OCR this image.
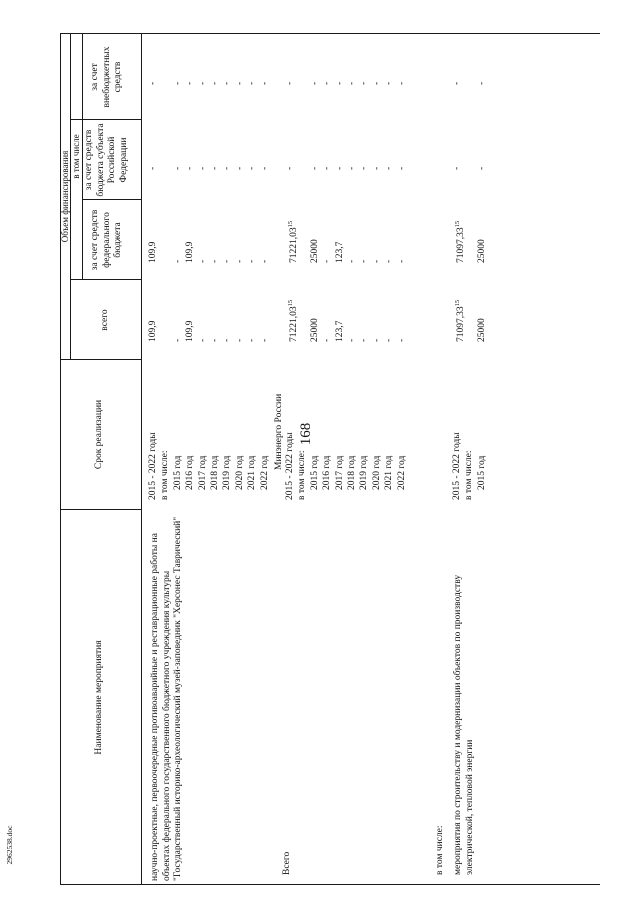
168
2962538.doc
Наименование мероприятия
Срок реализации
Объем финансирования в том числе
всего
за счет средств федерального бюджета
за счет средств бюджета субъекта Российской Федерации
за счет внебюджетных средств
научно-проектные, первоочередные противоаварийные и реставрационные работы на объектах федерального государственного бюджетного учреждения культуры "Государственный историко-археологический музей-заповедник "Херсонес Таврический"
Минэнерго России
Всего	в том числе: мероприятия по строительству и модернизации объектов по производству электрической, тепловой энергии
2015 - 2022 годы
109,9
109,9
-
-
в том числе: 2015 год
-
-
-
-
2016 год
109,9
109,9
-
-
2017 год
-
-
-
-
2018 год
-
-
-
-
2019 год
-
-
-
-
2020 год
-
-
-
-
2021 год
-
-
-
-
2022 год
-
-
-
-
2015 - 2022 годы
71221,03$^{15}$
71221,03$^{15}$
-
-
в том числе: 2015 год
25000
25000
-
-
2016 год
-
-
-
-
2017 год
123,7
123,7
-
-
2018 год
-
-
-
-
2019 год
-
-
-
-
2020 год
-
-
-
-
2021 год
-
-
-
-
2022 год
-
-
-
-
2015 - 2022 годы
71097,33$^{15}$
71097,33$^{15}$
-
-
в том числе: 2015 год
25000
25000
-
-
